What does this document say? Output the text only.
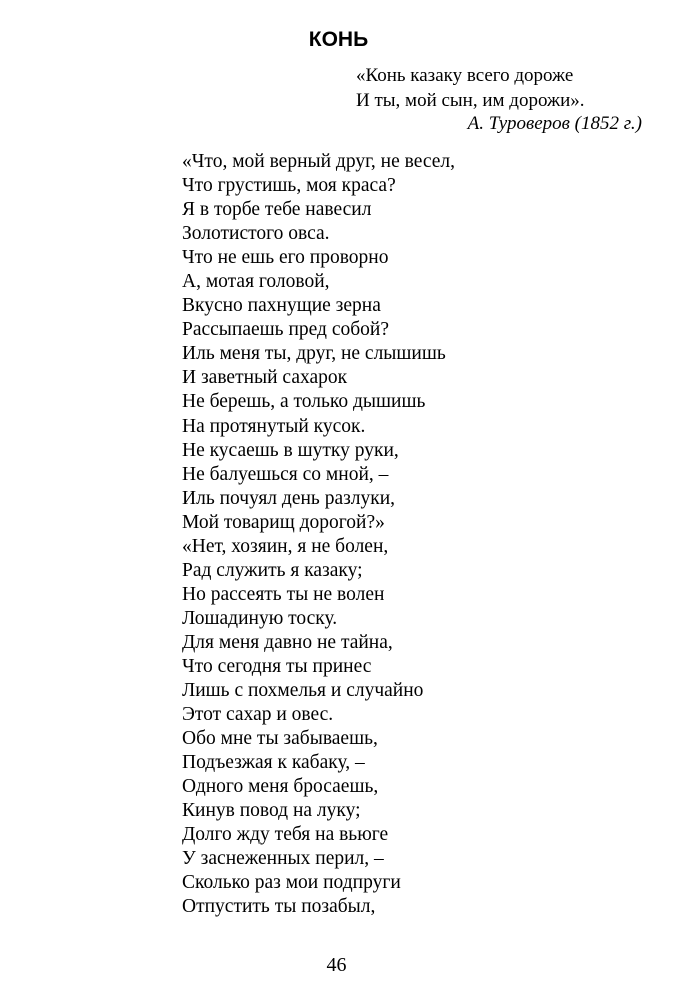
КОНЬ
«Конь казаку всего дороже
И ты, мой сын, им дорожи».
А. Туроверов (1852 г.)
«Что, мой верный друг, не весел,
Что грустишь, моя краса?
Я в торбе тебе навесил
Золотистого овса.
Что не ешь его проворно
А, мотая головой,
Вкусно пахнущие зерна
Рассыпаешь пред собой?
Иль меня ты, друг, не слышишь
И заветный сахарок
Не берешь, а только дышишь
На протянутый кусок.
Не кусаешь в шутку руки,
Не балуешься со мной, –
Иль почуял день разлуки,
Мой товарищ дорогой?»
«Нет, хозяин, я не болен,
Рад служить я казаку;
Но рассеять ты не волен
Лошадиную тоску.
Для меня давно не тайна,
Что сегодня ты принес
Лишь с похмелья и случайно
Этот сахар и овес.
Обо мне ты забываешь,
Подъезжая к кабаку, –
Одного меня бросаешь,
Кинув повод на луку;
Долго жду тебя на вьюге
У заснеженных перил, –
Сколько раз мои подпруги
Отпустить ты позабыл,
46
